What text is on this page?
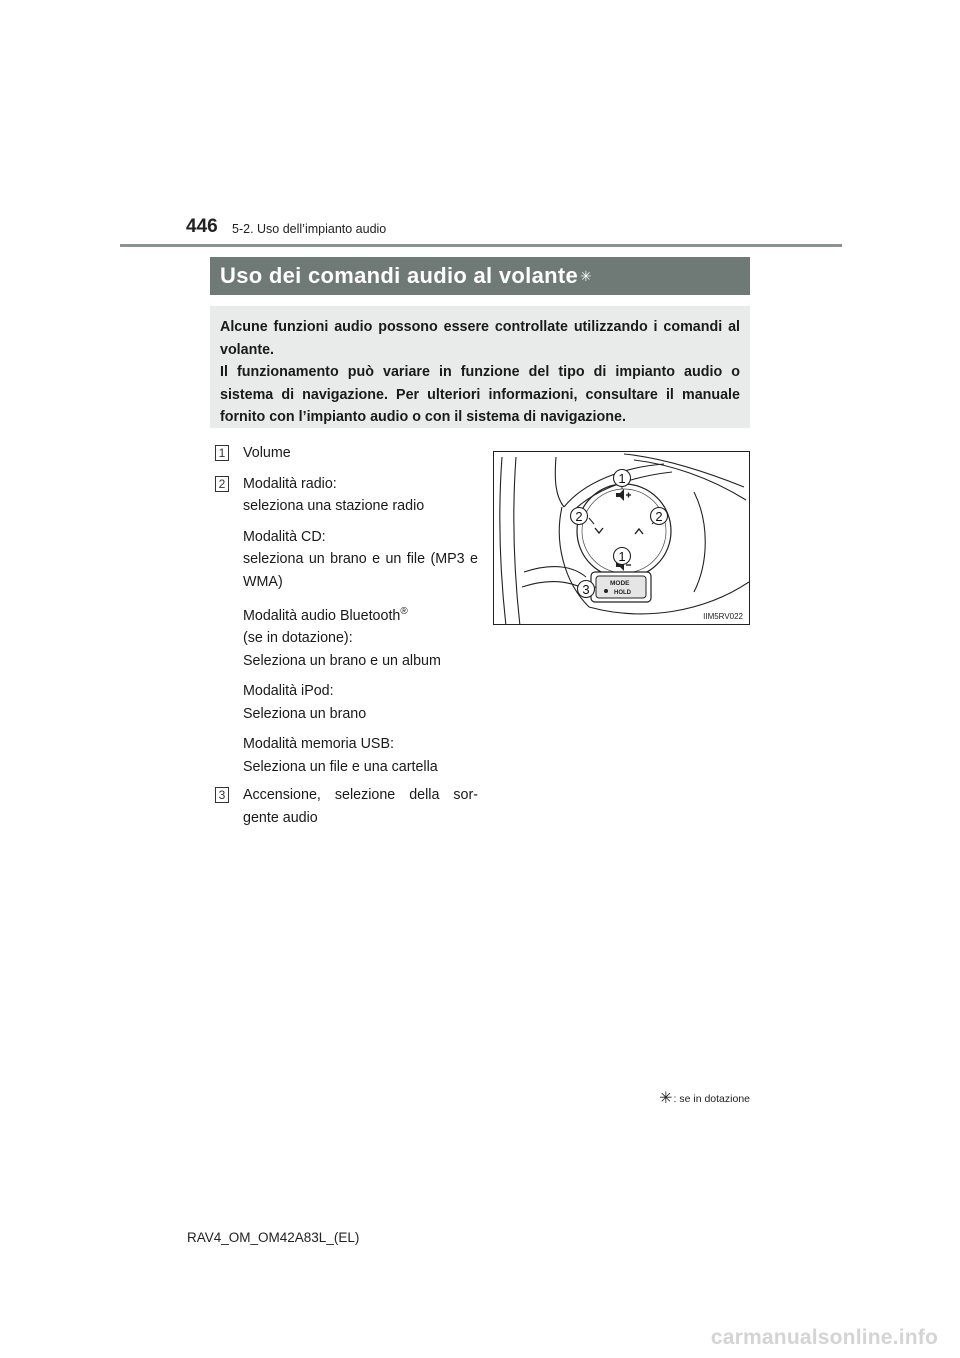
446 5-2. Uso dell’impianto audio
Uso dei comandi audio al volante ✳

Alcune funzioni audio possono essere controllate utilizzando i comandi al volante.

Il funzionamento può variare in funzione del tipo di impianto audio o sistema di navigazione. Per ulteriori informazioni, consultare il manuale fornito con l’impianto audio o con il sistema di navigazione.

1 Volume

2 Modalità radio:
seleziona una stazione radio

Modalità CD:
seleziona un brano e un file (MP3 e WMA)

Modalità audio Bluetooth®
(se in dotazione):
Seleziona un brano e un album

Modalità iPod:
Seleziona un brano

Modalità memoria USB:
Seleziona un file e una cartella

3 Accensione, selezione della sor-gente audio

MODE
HOLD
1
2	2
1
3
IIM5RV022
✳: se in dotazione
RAV4_OM_OM42A83L_(EL)
carmanualsonline.info
